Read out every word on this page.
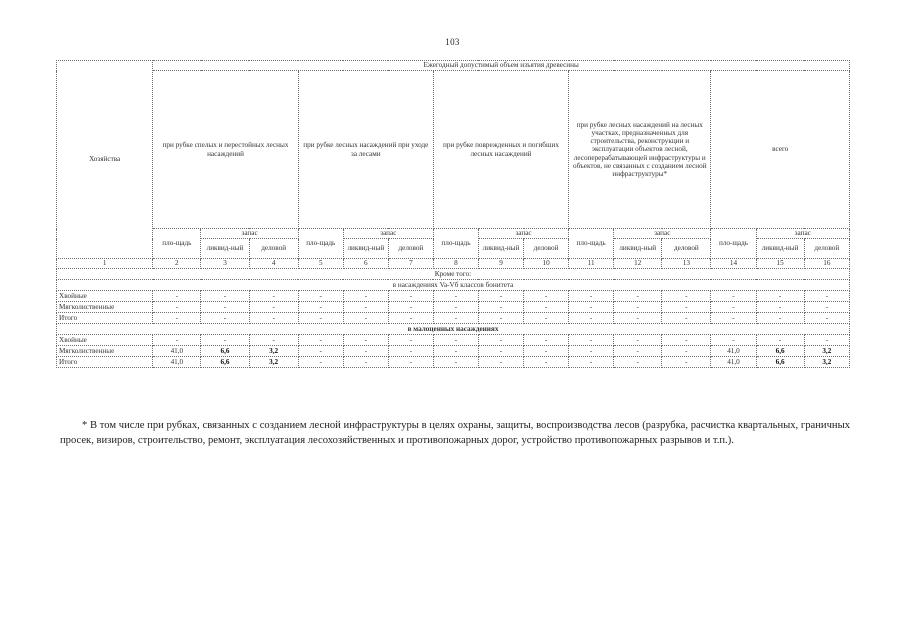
103
Хозяйства	Ежегодный допустимый объем изъятия древесины														
	при рубке спелых и перестойных лесных насаждений			при рубке лесных насаждений при уходе за лесами			при рубке поврежденных и погибших лесных насаждений			при рубке лесных насаждений на лесных участках, предназначенных для строительства, реконструкции и эксплуатации объектов лесной, лесоперерабатывающей инфраструктуры и объектов, не связанных с созданием лесной инфраструктуры*			всего		
	пло-щадь	запас		пло-щадь	запас		пло-щадь	запас		пло-щадь	запас		пло-щадь	запас	
		ликвид-ный	деловой		ликвид-ный	деловой		ликвид-ный	деловой		ликвид-ный	деловой		ликвид-ный	деловой
1	2	3	4	5	6	7	8	9	10	11	12	13	14	15	16
Кроме того:															
в насаждениях Va-Vб классов бонитета															
Хвойные	-	-	-	-	-	-	-	-	-	-	-	-	-	-	-
Мягколиственные	-	-	-	-	-	-	-	-	-	-	-	-	-	-	-
Итого	-	-	-	-	-	-	-	-	-	-	-	-	-	-	-
в малоценных насаждениях															
Хвойные	-	-	-	-	-	-	-	-	-	-	-	-	-	-	-
Мягколиственные	41,0	6,6	3,2	-	-	-	-	-	-	-	-	-	41,0	6,6	3,2
Итого	41,0	6,6	3,2	-	-	-	-	-	-	-	-	-	41,0	6,6	3,2

* В том числе при рубках, связанных с созданием лесной инфраструктуры в целях охраны, защиты, воспроизводства лесов (разрубка, расчистка квартальных, граничных просек, визиров, строительство, ремонт, эксплуатация лесохозяйственных и противопожарных дорог, устройство противопожарных разрывов и т.п.).
